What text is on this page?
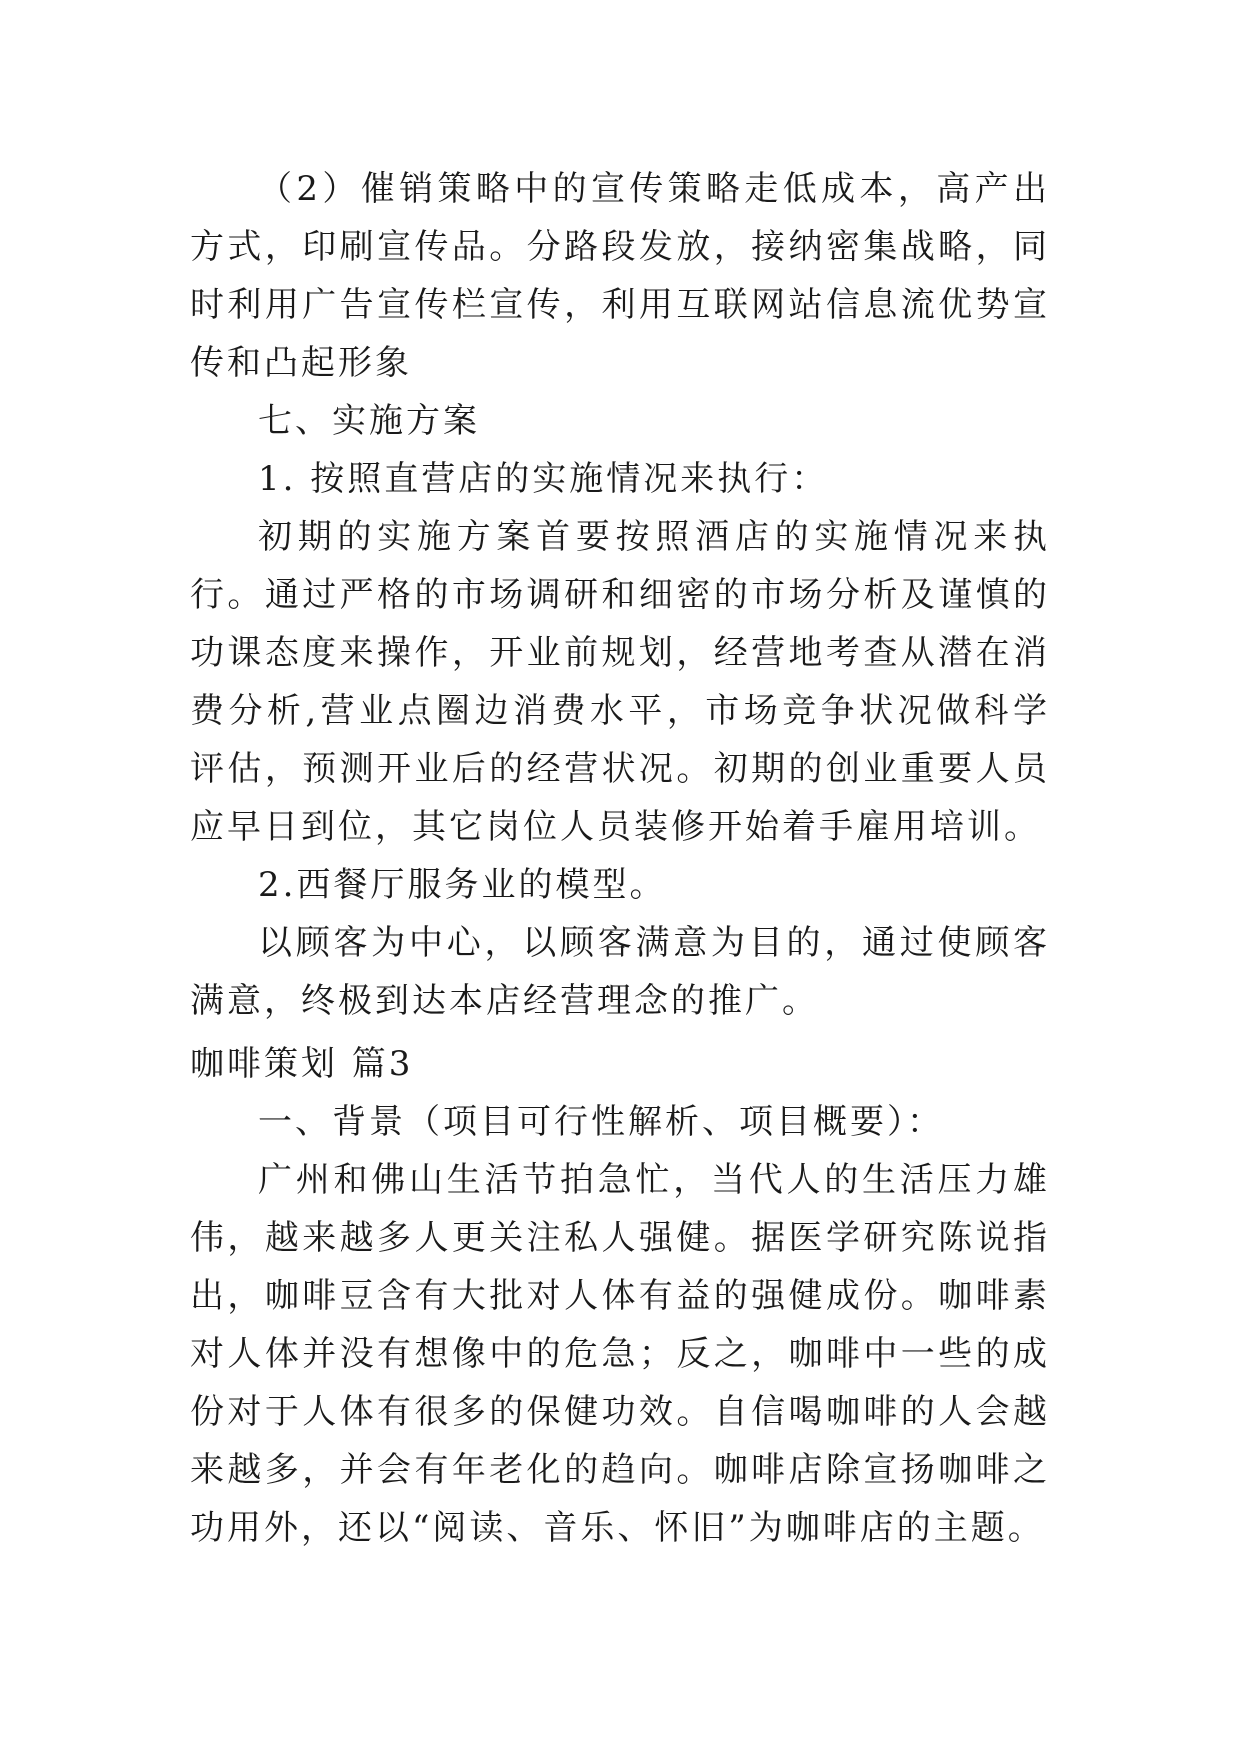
（2）催销策略中的宣传策略走低成本，高产出方式，印刷宣传品。分路段发放，接纳密集战略，同时利用广告宣传栏宣传，利用互联网站信息流优势宣传和凸起形象

七、实施方案

1. 按照直营店的实施情况来执行：

初期的实施方案首要按照酒店的实施情况来执行。通过严格的市场调研和细密的市场分析及谨慎的功课态度来操作，开业前规划，经营地考查从潜在消费分析,营业点圈边消费水平，市场竞争状况做科学评估，预测开业后的经营状况。初期的创业重要人员应早日到位，其它岗位人员装修开始着手雇用培训。

2.西餐厅服务业的模型。

以顾客为中心，以顾客满意为目的，通过使顾客满意，终极到达本店经营理念的推广。

咖啡策划 篇3

一、背景（项目可行性解析、项目概要）：

广州和佛山生活节拍急忙，当代人的生活压力雄伟，越来越多人更关注私人强健。据医学研究陈说指出，咖啡豆含有大批对人体有益的强健成份。咖啡素对人体并没有想像中的危急；反之，咖啡中一些的成份对于人体有很多的保健功效。自信喝咖啡的人会越来越多，并会有年老化的趋向。咖啡店除宣扬咖啡之功用外，还以“阅读、音乐、怀旧”为咖啡店的主题。
